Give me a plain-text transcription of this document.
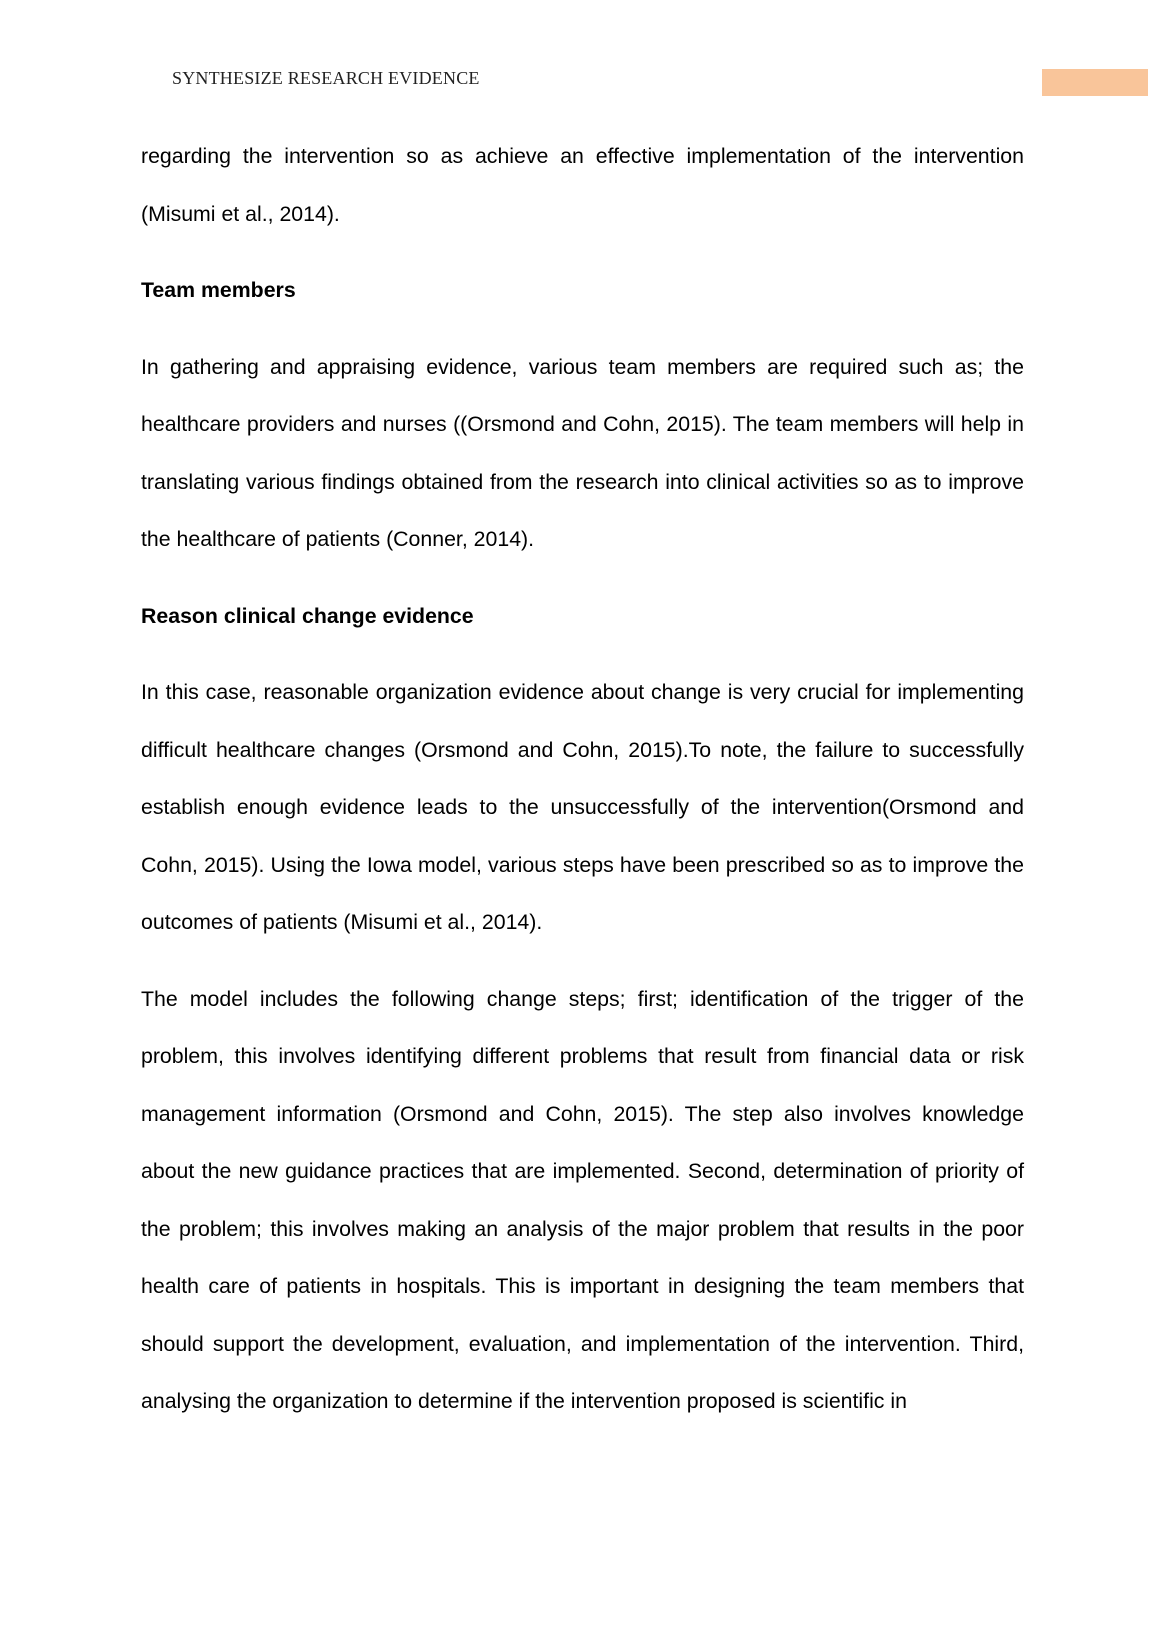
SYNTHESIZE RESEARCH EVIDENCE

regarding the intervention so as achieve an effective implementation of the intervention (Misumi et al., 2014).

Team members

In gathering and appraising evidence, various team members are required such as; the healthcare providers and nurses ((Orsmond and Cohn, 2015). The team members will help in translating various findings obtained from the research into clinical activities so as to improve the healthcare of patients (Conner, 2014).

Reason clinical change evidence

In this case, reasonable organization evidence about change is very crucial for implementing difficult healthcare changes (Orsmond and Cohn, 2015).To note, the failure to successfully establish enough evidence leads to the unsuccessfully of the intervention(Orsmond and Cohn, 2015). Using the Iowa model, various steps have been prescribed so as to improve the outcomes of patients (Misumi et al., 2014).

The model includes the following change steps; first; identification of the trigger of the problem, this involves identifying different problems that result from financial data or risk management information (Orsmond and Cohn, 2015). The step also involves knowledge about the new guidance practices that are implemented. Second, determination of priority of the problem; this involves making an analysis of the major problem that results in the poor health care of patients in hospitals. This is important in designing the team members that should support the development, evaluation, and implementation of the intervention. Third, analysing the organization to determine if the intervention proposed is scientific in
